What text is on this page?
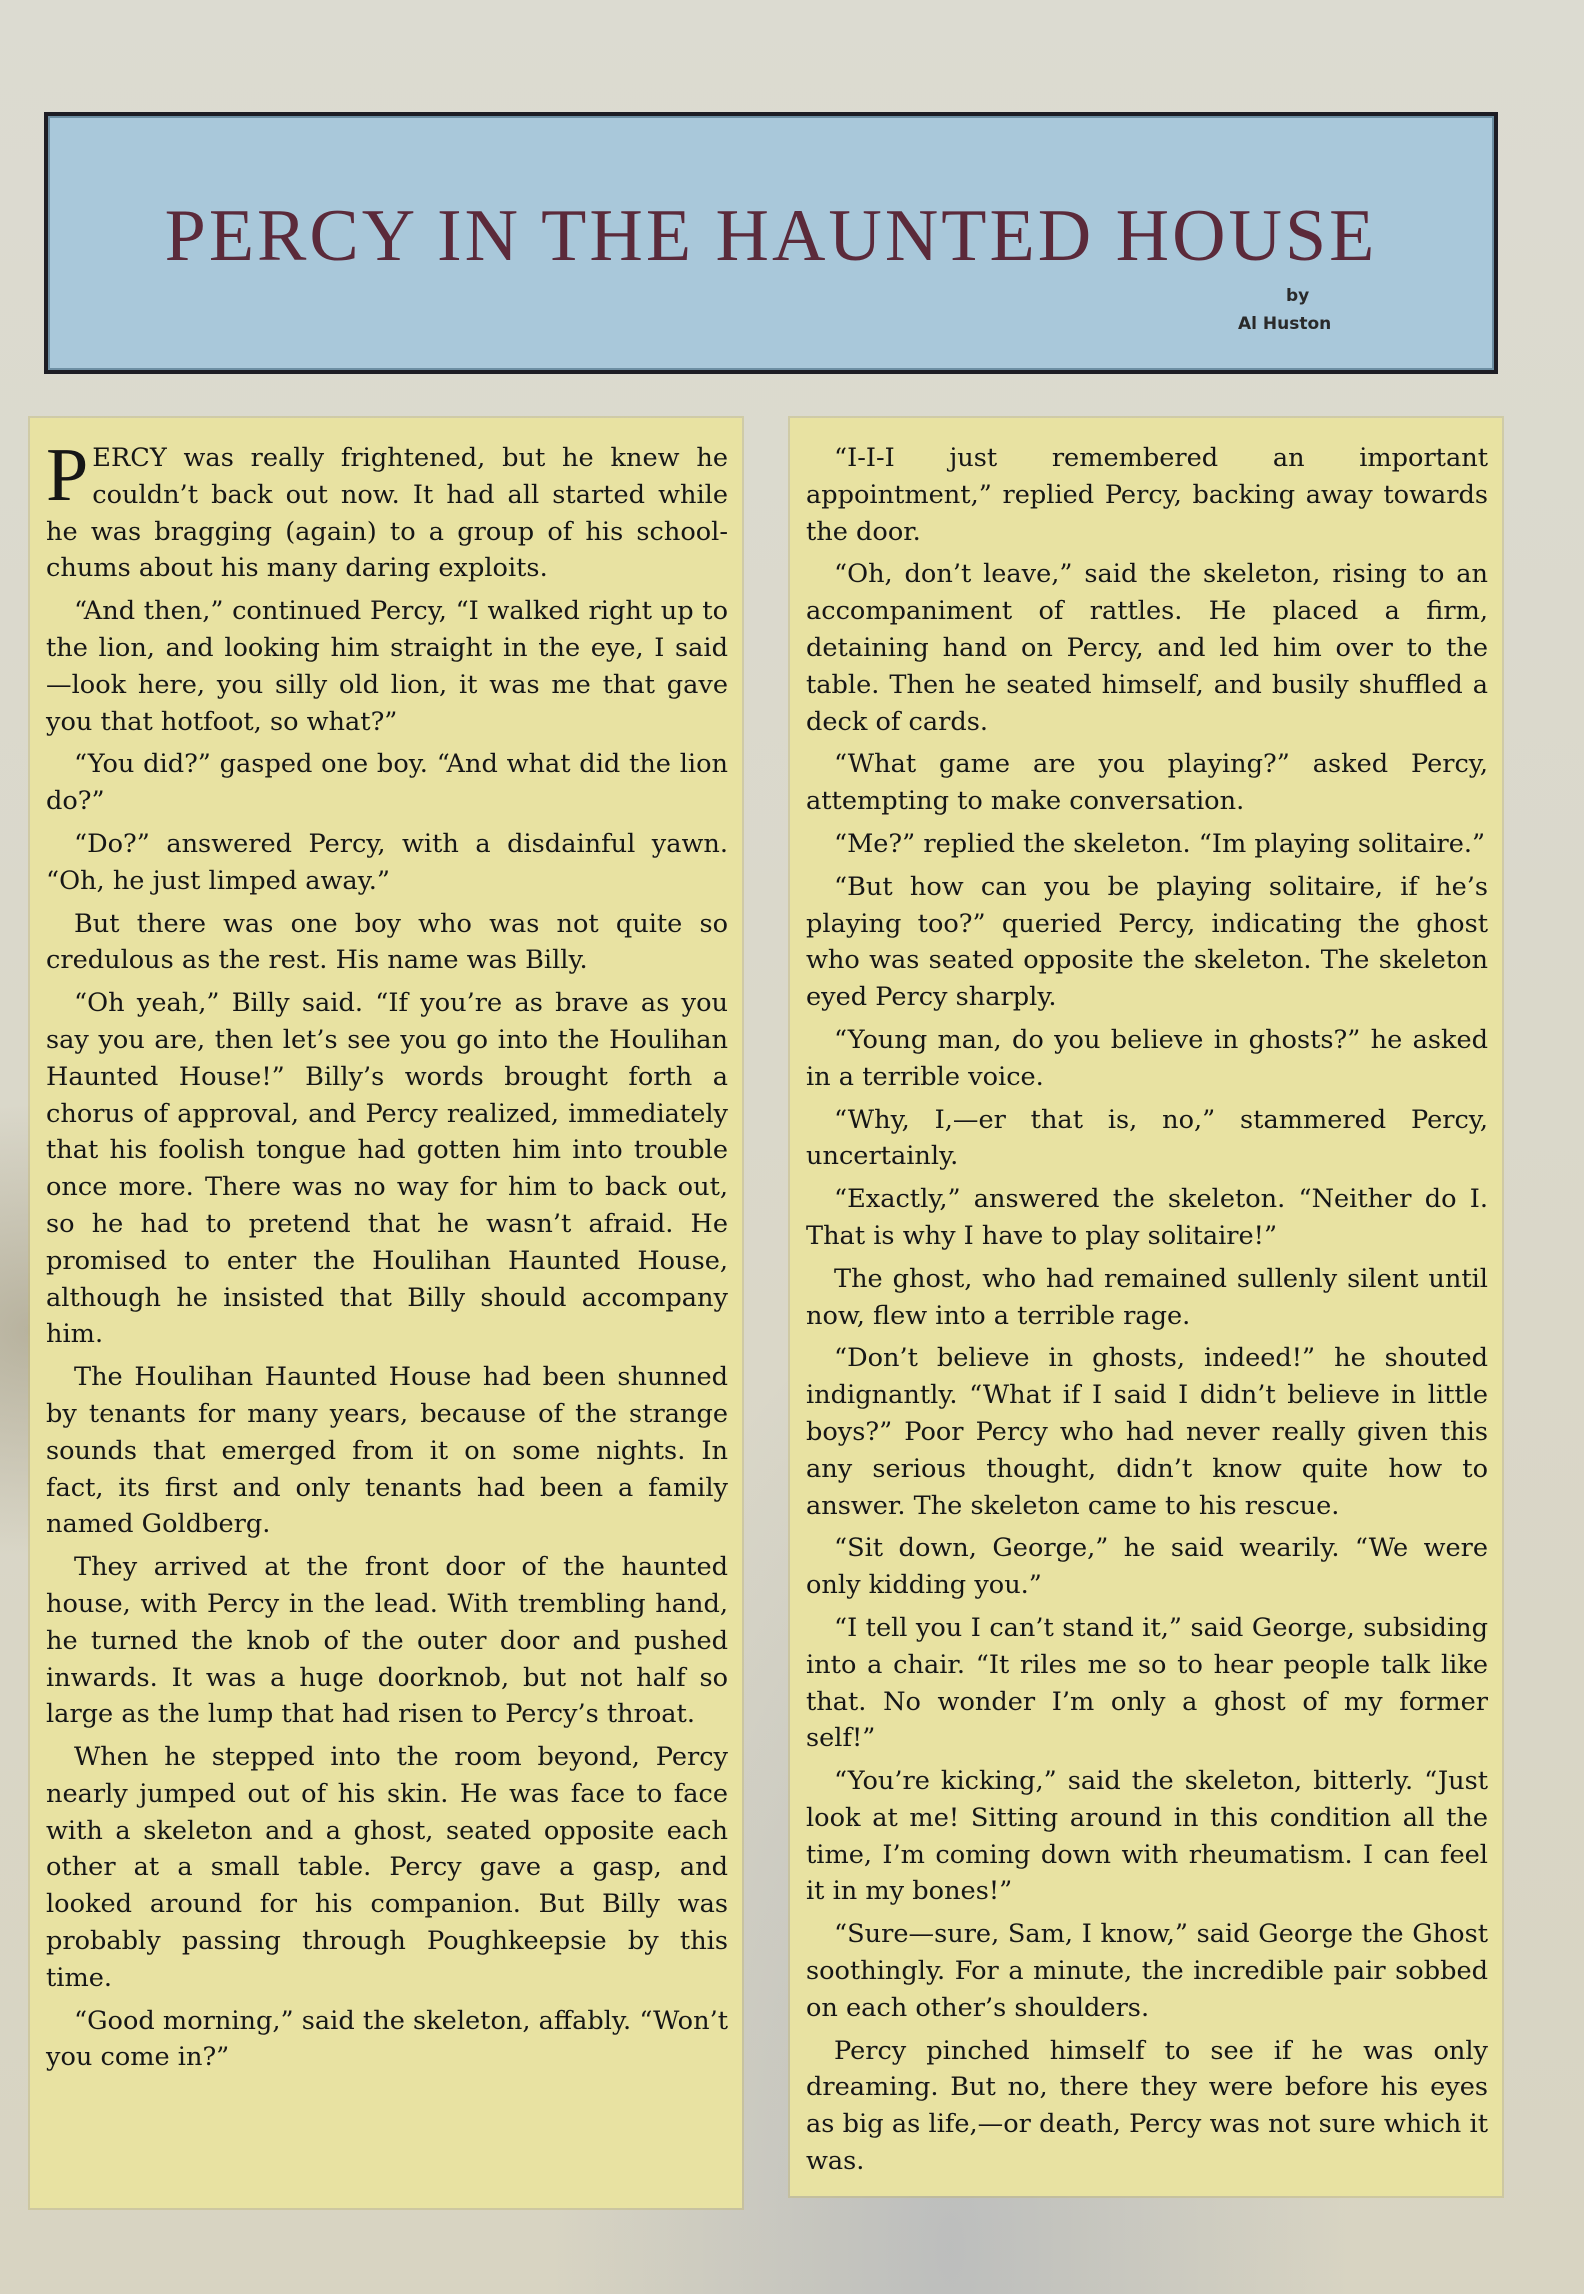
PERCY IN THE HAUNTED HOUSE
by
Al Huston

PERCY was really frightened, but he knew he couldn’t back out now. It had all started while he was bragging (again) to a group of his school-chums about his many daring exploits.

“And then,” continued Percy, “I walked right up to the lion, and looking him straight in the eye, I said—look here, you silly old lion, it was me that gave you that hotfoot, so what?”

“You did?” gasped one boy. “And what did the lion do?”

“Do?” answered Percy, with a disdainful yawn. “Oh, he just limped away.”

But there was one boy who was not quite so credulous as the rest. His name was Billy.

“Oh yeah,” Billy said. “If you’re as brave as you say you are, then let’s see you go into the Houlihan Haunted House!” Billy’s words brought forth a chorus of approval, and Percy realized, immediately that his foolish tongue had gotten him into trouble once more. There was no way for him to back out, so he had to pretend that he wasn’t afraid. He promised to enter the Houlihan Haunted House, although he insisted that Billy should accompany him.

The Houlihan Haunted House had been shunned by tenants for many years, because of the strange sounds that emerged from it on some nights. In fact, its first and only tenants had been a family named Goldberg.

They arrived at the front door of the haunted house, with Percy in the lead. With trembling hand, he turned the knob of the outer door and pushed inwards. It was a huge doorknob, but not half so large as the lump that had risen to Percy’s throat.

When he stepped into the room beyond, Percy nearly jumped out of his skin. He was face to face with a skeleton and a ghost, seated opposite each other at a small table. Percy gave a gasp, and looked around for his companion. But Billy was probably passing through Poughkeepsie by this time.

“Good morning,” said the skeleton, affably. “Won’t you come in?”

“I-I-I just remembered an important appointment,” replied Percy, backing away towards the door.

“Oh, don’t leave,” said the skeleton, rising to an accompaniment of rattles. He placed a firm, detaining hand on Percy, and led him over to the table. Then he seated himself, and busily shuffled a deck of cards.

“What game are you playing?” asked Percy, attempting to make conversation.

“Me?” replied the skeleton. “Im playing solitaire.”

“But how can you be playing solitaire, if he’s playing too?” queried Percy, indicating the ghost who was seated opposite the skeleton. The skeleton eyed Percy sharply.

“Young man, do you believe in ghosts?” he asked in a terrible voice.

“Why, I,—er that is, no,” stammered Percy, uncertainly.

“Exactly,” answered the skeleton. “Neither do I. That is why I have to play solitaire!”

The ghost, who had remained sullenly silent until now, flew into a terrible rage.

“Don’t believe in ghosts, indeed!” he shouted indignantly. “What if I said I didn’t believe in little boys?” Poor Percy who had never really given this any serious thought, didn’t know quite how to answer. The skeleton came to his rescue.

“Sit down, George,” he said wearily. “We were only kidding you.”

“I tell you I can’t stand it,” said George, subsiding into a chair. “It riles me so to hear people talk like that. No wonder I’m only a ghost of my former self!”

“You’re kicking,” said the skeleton, bitterly. “Just look at me! Sitting around in this condition all the time, I’m coming down with rheumatism. I can feel it in my bones!”

“Sure—sure, Sam, I know,” said George the Ghost soothingly. For a minute, the incredible pair sobbed on each other’s shoulders.

Percy pinched himself to see if he was only dreaming. But no, there they were before his eyes as big as life,—or death, Percy was not sure which it was.
